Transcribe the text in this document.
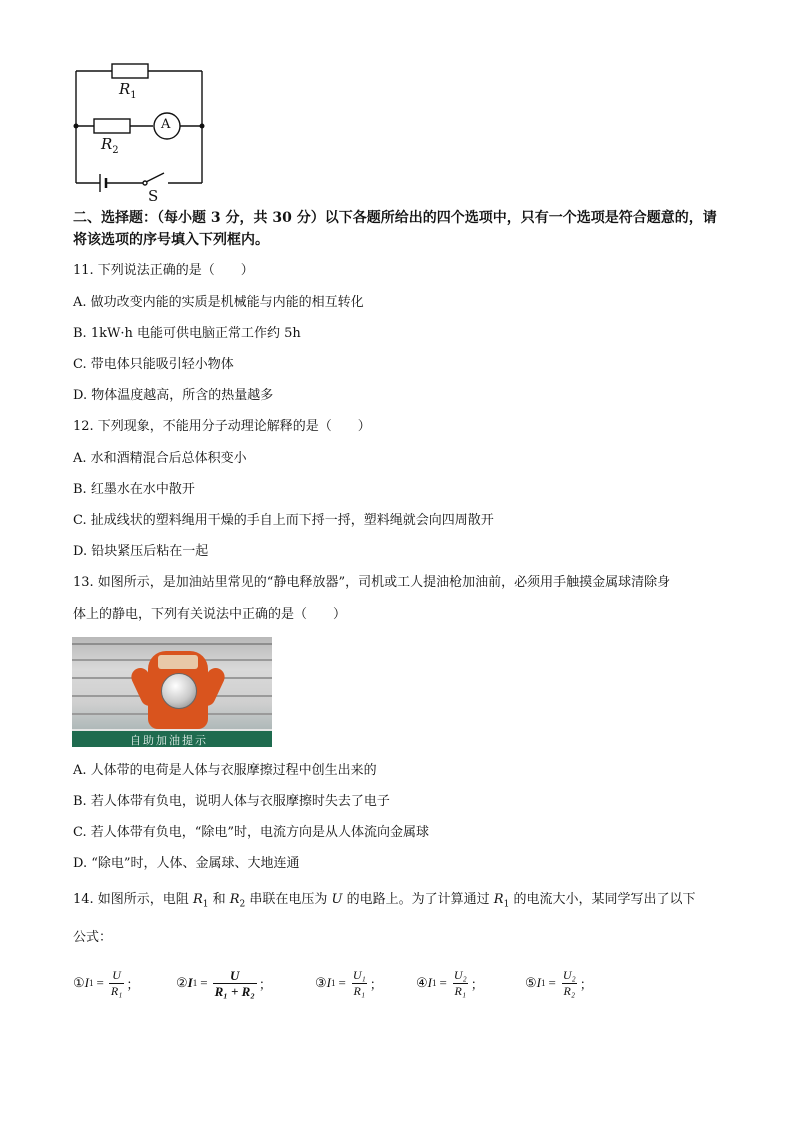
$R_1$
A
$R_2$
S
二、选择题：（每小题 3 分，共 30 分）以下各题所给出的四个选项中，只有一个选项是符合题意的，请将该选项的序号填入下列框内。
11. 下列说法正确的是（　　）
A. 做功改变内能的实质是机械能与内能的相互转化
B. 1kW·h 电能可供电脑正常工作约 5h
C. 带电体只能吸引轻小物体
D. 物体温度越高，所含的热量越多
12. 下列现象，不能用分子动理论解释的是（　　）
A. 水和酒精混合后总体积变小
B. 红墨水在水中散开
C. 扯成线状的塑料绳用干燥的手自上而下捋一捋，塑料绳就会向四周散开
D. 铅块紧压后粘在一起
13. 如图所示，是加油站里常见的“静电释放器”，司机或工人提油枪加油前，必须用手触摸金属球清除身
体上的静电，下列有关说法中正确的是（　　）
自助加油提示
A. 人体带的电荷是人体与衣服摩擦过程中创生出来的
B. 若人体带有负电，说明人体与衣服摩擦时失去了电子
C. 若人体带有负电，“除电”时，电流方向是从人体流向金属球
D. “除电”时，人体、金属球、大地连通
14. 如图所示，电阻 $R_1$ 和 $R_2$ 串联在电压为 U 的电路上。为了计算通过 $R_1$ 的电流大小，某同学写出了以下
公式：
① I $1 = \frac{U}{\text{R₁}}$ ；	② I $1 = \frac{U}{\text{R₁ + R₂}}$ ；	③ I $1 = \frac{\text{U₁}}{\text{R₁}}$ ；	④ I $1 = \frac{\text{U₂}}{\text{R₁}}$ ；	⑤ I $1 = \frac{\text{U₂}}{\text{R₂}}$ ；
